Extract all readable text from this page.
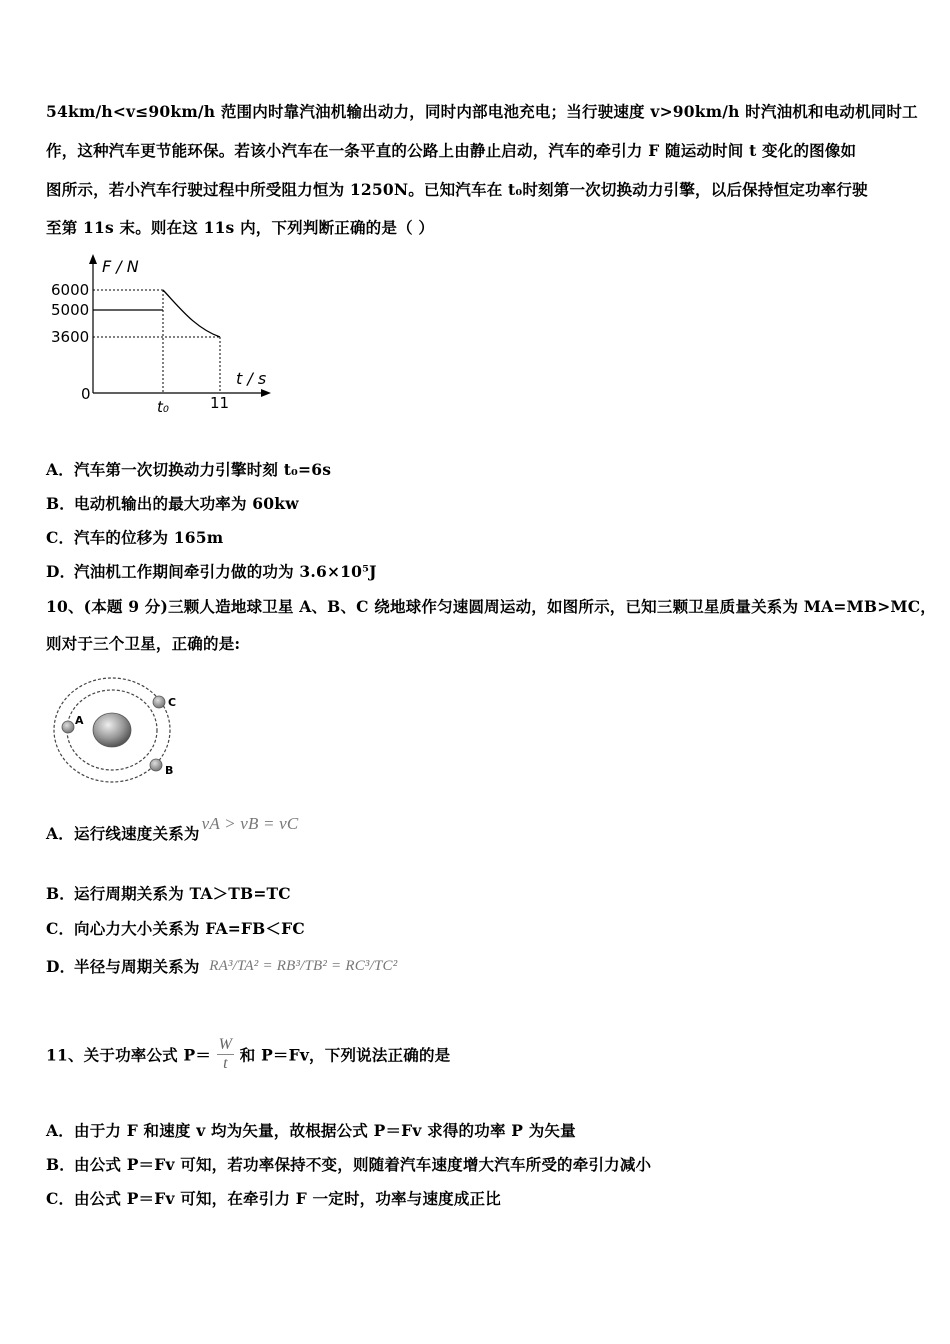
54km/h<v≤90km/h 范围内时靠汽油机输出动力，同时内部电池充电；当行驶速度 v>90km/h 时汽油机和电动机同时工
作，这种汽车更节能环保。若该小汽车在一条平直的公路上由静止启动，汽车的牵引力 F 随运动时间 t 变化的图像如
图所示，若小汽车行驶过程中所受阻力恒为 1250N。已知汽车在 t₀时刻第一次切换动力引擎，以后保持恒定功率行驶
至第 11s 末。则在这 11s 内，下列判断正确的是（ ）
F / N
t / s
6000
5000
3600
0
t₀	11
A．汽车第一次切换动力引擎时刻 t₀=6s
B．电动机输出的最大功率为 60kw
C．汽车的位移为 165m
D．汽油机工作期间牵引力做的功为 3.6×10⁵J
10、(本题 9 分)三颗人造地球卫星 A、B、C 绕地球作匀速圆周运动，如图所示，已知三颗卫星质量关系为 MA=MB>MC，
则对于三个卫星，正确的是:
A
C
B
A．运行线速度关系为vA > vB = vC
B．运行周期关系为 TA＞TB=TC
C．向心力大小关系为 FA=FB＜FC
D．半径与周期关系为 RA³/TA² = RB³/TB² = RC³/TC²
11、关于功率公式 $P= \frac{W}{t}$ 和 P＝Fv，下列说法正确的是
A．由于力 F 和速度 v 均为矢量，故根据公式 P＝Fv 求得的功率 P 为矢量
B．由公式 P＝Fv 可知，若功率保持不变，则随着汽车速度增大汽车所受的牵引力减小
C．由公式 P＝Fv 可知，在牵引力 F 一定时，功率与速度成正比
